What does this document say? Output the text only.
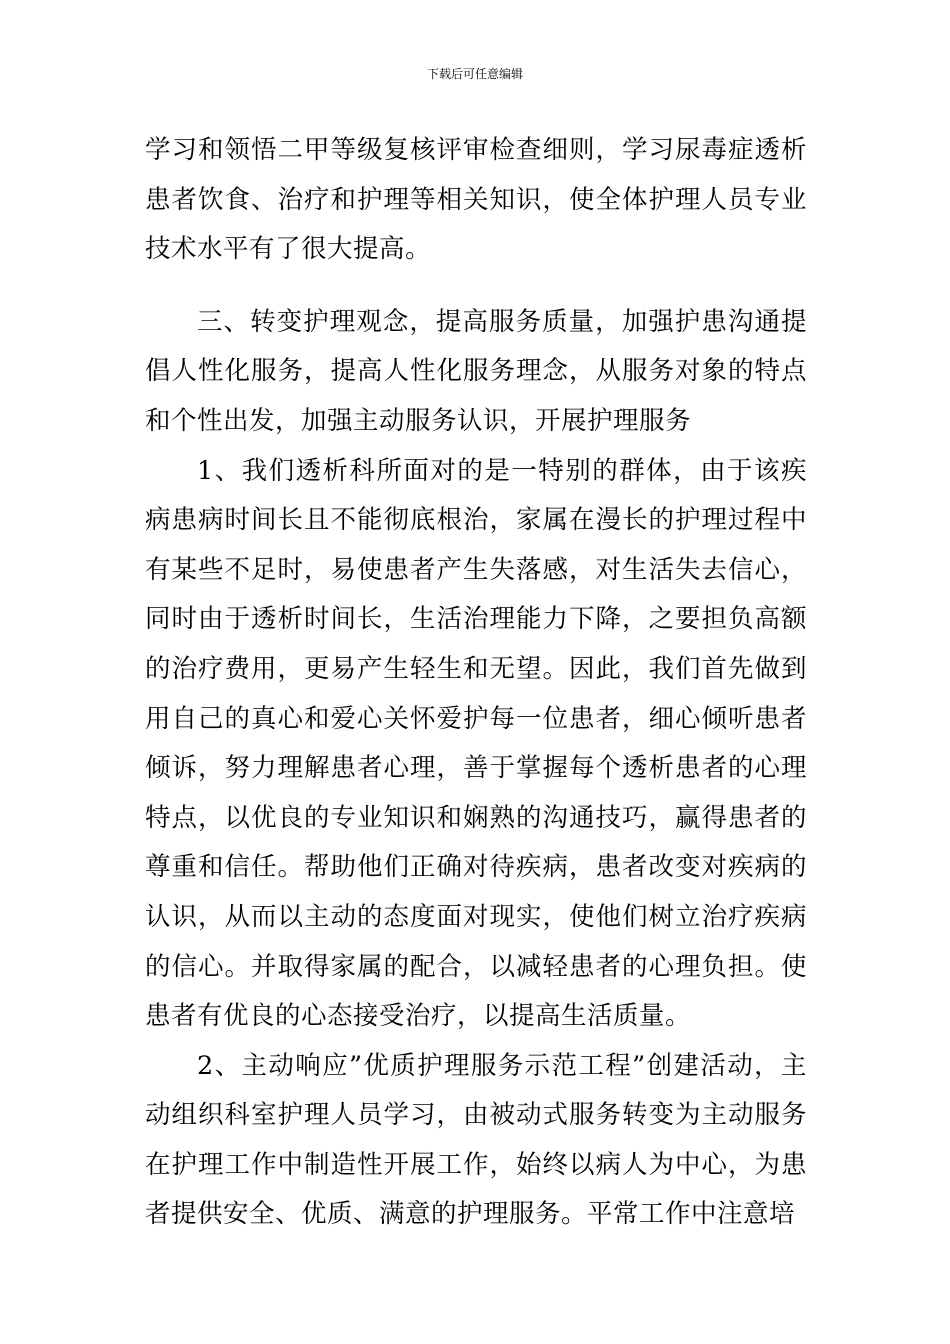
下载后可任意编辑

学习和领悟二甲等级复核评审检查细则，学习尿毒症透析患者饮食、治疗和护理等相关知识，使全体护理人员专业技术水平有了很大提高。

三、转变护理观念，提高服务质量，加强护患沟通提倡人性化服务，提高人性化服务理念，从服务对象的特点和个性出发，加强主动服务认识，开展护理服务

1、我们透析科所面对的是一特别的群体，由于该疾病患病时间长且不能彻底根治，家属在漫长的护理过程中有某些不足时，易使患者产生失落感，对生活失去信心，同时由于透析时间长，生活治理能力下降，之要担负高额的治疗费用，更易产生轻生和无望。因此，我们首先做到用自己的真心和爱心关怀爱护每一位患者，细心倾听患者倾诉，努力理解患者心理，善于掌握每个透析患者的心理特点，以优良的专业知识和娴熟的沟通技巧，赢得患者的尊重和信任。帮助他们正确对待疾病，患者改变对疾病的认识，从而以主动的态度面对现实，使他们树立治疗疾病的信心。并取得家属的配合，以减轻患者的心理负担。使患者有优良的心态接受治疗，以提高生活质量。

2、主动响应”优质护理服务示范工程”创建活动，主动组织科室护理人员学习，由被动式服务转变为主动服务在护理工作中制造性开展工作，始终以病人为中心，为患者提供安全、优质、满意的护理服务。平常工作中注意培
